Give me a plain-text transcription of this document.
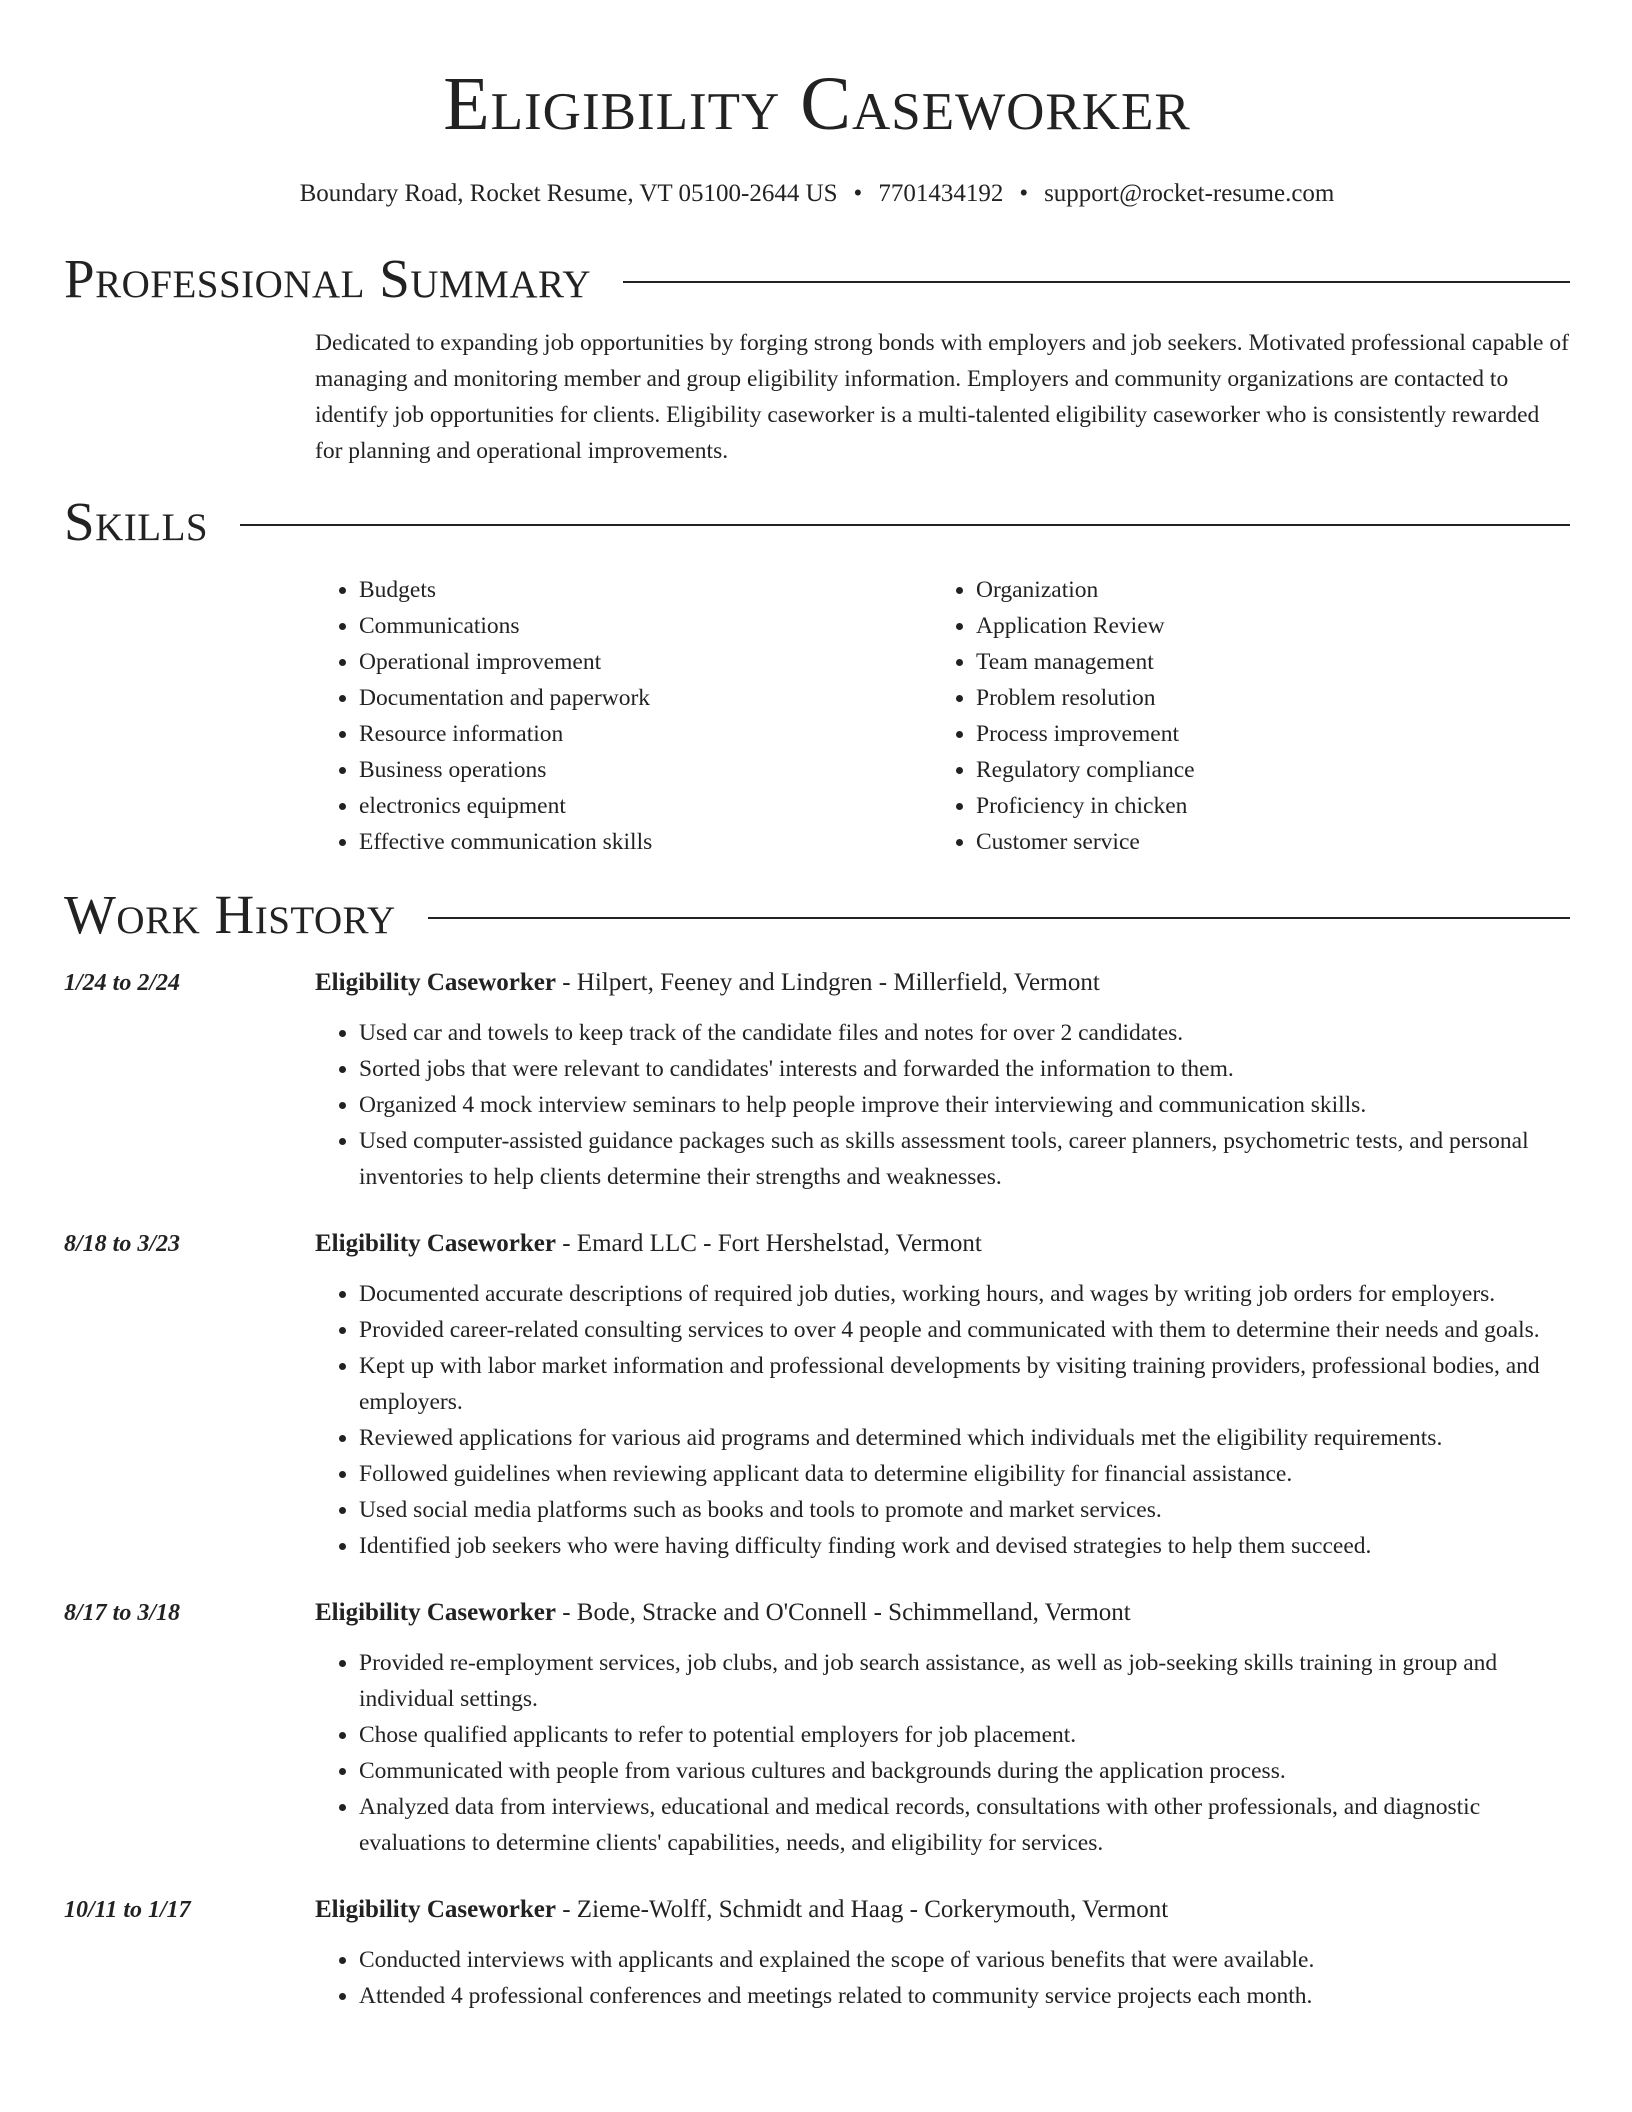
Eligibility Caseworker
Boundary Road, Rocket Resume, VT 05100-2644 US • 7701434192 • support@rocket-resume.com
Professional Summary

Dedicated to expanding job opportunities by forging strong bonds with employers and job seekers. Motivated professional capable of managing and monitoring member and group eligibility information. Employers and community organizations are contacted to identify job opportunities for clients. Eligibility caseworker is a multi-talented eligibility caseworker who is consistently rewarded for planning and operational improvements.

Skills
• Budgets
• Communications
• Operational improvement
• Documentation and paperwork
• Resource information
• Business operations
• electronics equipment
• Effective communication skills
• Organization
• Application Review
• Team management
• Problem resolution
• Process improvement
• Regulatory compliance
• Proficiency in chicken
• Customer service
Work History
1/24 to 2/24	Eligibility Caseworker - Hilpert, Feeney and Lindgren - Millerfield, Vermont
• Used car and towels to keep track of the candidate files and notes for over 2 candidates.
• Sorted jobs that were relevant to candidates' interests and forwarded the information to them.
• Organized 4 mock interview seminars to help people improve their interviewing and communication skills.
• Used computer-assisted guidance packages such as skills assessment tools, career planners, psychometric tests, and personal inventories to help clients determine their strengths and weaknesses.
8/18 to 3/23	Eligibility Caseworker - Emard LLC - Fort Hershelstad, Vermont
• Documented accurate descriptions of required job duties, working hours, and wages by writing job orders for employers.
• Provided career-related consulting services to over 4 people and communicated with them to determine their needs and goals.
• Kept up with labor market information and professional developments by visiting training providers, professional bodies, and employers.
• Reviewed applications for various aid programs and determined which individuals met the eligibility requirements.
• Followed guidelines when reviewing applicant data to determine eligibility for financial assistance.
• Used social media platforms such as books and tools to promote and market services.
• Identified job seekers who were having difficulty finding work and devised strategies to help them succeed.
8/17 to 3/18	Eligibility Caseworker - Bode, Stracke and O'Connell - Schimmelland, Vermont
• Provided re-employment services, job clubs, and job search assistance, as well as job-seeking skills training in group and individual settings.
• Chose qualified applicants to refer to potential employers for job placement.
• Communicated with people from various cultures and backgrounds during the application process.
• Analyzed data from interviews, educational and medical records, consultations with other professionals, and diagnostic evaluations to determine clients' capabilities, needs, and eligibility for services.
10/11 to 1/17	Eligibility Caseworker - Zieme-Wolff, Schmidt and Haag - Corkerymouth, Vermont
• Conducted interviews with applicants and explained the scope of various benefits that were available.
• Attended 4 professional conferences and meetings related to community service projects each month.
